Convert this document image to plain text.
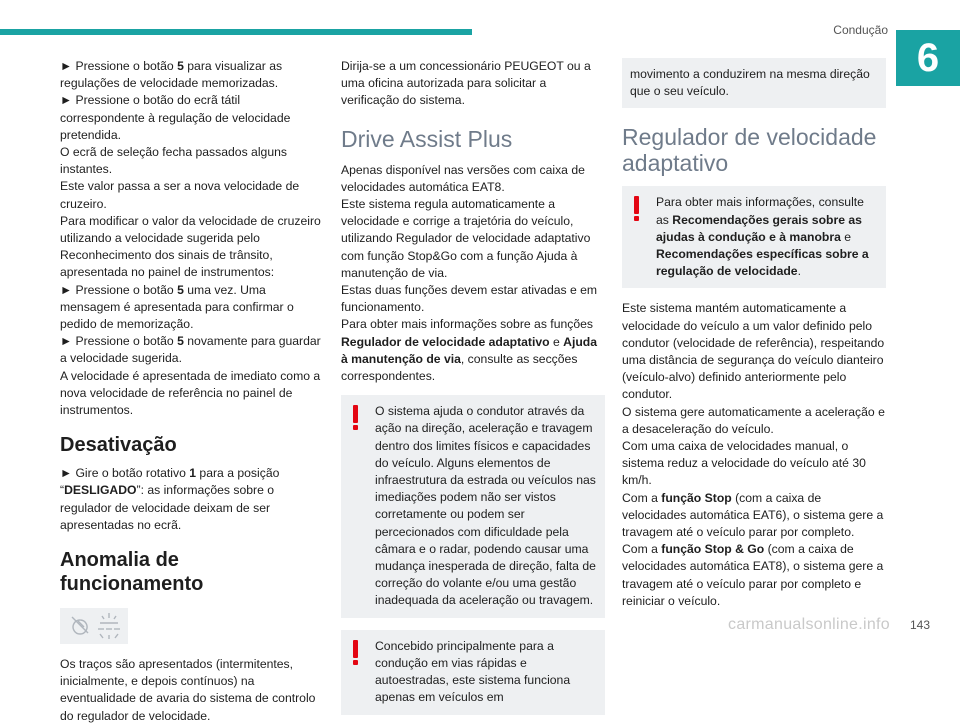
Condução
6

► Pressione o botão 5 para visualizar as regulações de velocidade memorizadas.

► Pressione o botão do ecrã tátil correspondente à regulação de velocidade pretendida.

O ecrã de seleção fecha passados alguns instantes.

Este valor passa a ser a nova velocidade de cruzeiro.

Para modificar o valor da velocidade de cruzeiro utilizando a velocidade sugerida pelo Reconhecimento dos sinais de trânsito, apresentada no painel de instrumentos:

► Pressione o botão 5 uma vez. Uma mensagem é apresentada para confirmar o pedido de memorização.

► Pressione o botão 5 novamente para guardar a velocidade sugerida.

A velocidade é apresentada de imediato como a nova velocidade de referência no painel de instrumentos.

Desativação

► Gire o botão rotativo 1 para a posição “DESLIGADO”: as informações sobre o regulador de velocidade deixam de ser apresentadas no ecrã.

Anomalia de funcionamento

Os traços são apresentados (intermitentes, inicialmente, e depois contínuos) na eventualidade de avaria do sistema de controlo do regulador de velocidade.

Dirija-se a um concessionário PEUGEOT ou a uma oficina autorizada para solicitar a verificação do sistema.

Drive Assist Plus

Apenas disponível nas versões com caixa de velocidades automática EAT8.

Este sistema regula automaticamente a velocidade e corrige a trajetória do veículo, utilizando Regulador de velocidade adaptativo com função Stop&Go com a função Ajuda à manutenção de via.

Estas duas funções devem estar ativadas e em funcionamento.

Para obter mais informações sobre as funções Regulador de velocidade adaptativo e Ajuda à manutenção de via, consulte as secções correspondentes.

O sistema ajuda o condutor através da ação na direção, aceleração e travagem dentro dos limites físicos e capacidades do veículo. Alguns elementos de infraestrutura da estrada ou veículos nas imediações podem não ser vistos corretamente ou podem ser percecionados com dificuldade pela câmara e o radar, podendo causar uma mudança inesperada de direção, falta de correção do volante e/ou uma gestão inadequada da aceleração ou travagem.

Concebido principalmente para a condução em vias rápidas e autoestradas, este sistema funciona apenas em veículos em

movimento a conduzirem na mesma direção que o seu veículo.

Regulador de velocidade adaptativo

Para obter mais informações, consulte as Recomendações gerais sobre as ajudas à condução e à manobra e Recomendações específicas sobre a regulação de velocidade.

Este sistema mantém automaticamente a velocidade do veículo a um valor definido pelo condutor (velocidade de referência), respeitando uma distância de segurança do veículo dianteiro (veículo-alvo) definido anteriormente pelo condutor.

O sistema gere automaticamente a aceleração e a desaceleração do veículo.

Com uma caixa de velocidades manual, o sistema reduz a velocidade do veículo até 30 km/h.

Com a função Stop (com a caixa de velocidades automática EAT6), o sistema gere a travagem até o veículo parar por completo.

Com a função Stop & Go (com a caixa de velocidades automática EAT8), o sistema gere a travagem até o veículo parar por completo e reiniciar o veículo.

carmanualsonline.info 143
